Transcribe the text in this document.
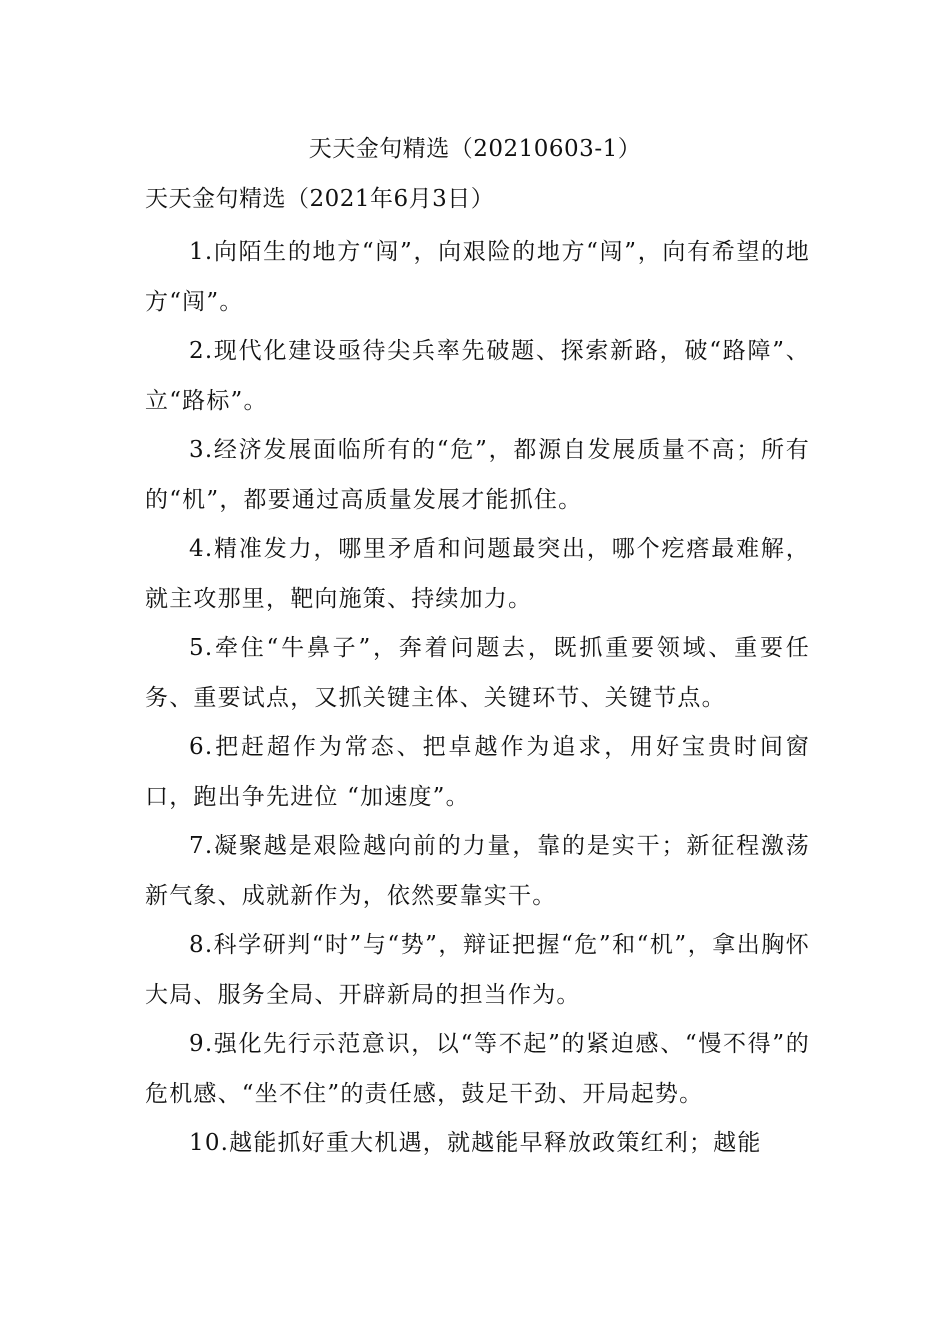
天天金句精选（20210603-1）
天天金句精选（2021年6月3日）

1.向陌生的地方“闯”，向艰险的地方“闯”，向有希望的地方“闯”。

2.现代化建设亟待尖兵率先破题、探索新路，破“路障”、立“路标”。

3.经济发展面临所有的“危”，都源自发展质量不高；所有的“机”，都要通过高质量发展才能抓住。

4.精准发力，哪里矛盾和问题最突出，哪个疙瘩最难解，就主攻那里，靶向施策、持续加力。

5.牵住“牛鼻子”，奔着问题去，既抓重要领域、重要任务、重要试点，又抓关键主体、关键环节、关键节点。

6.把赶超作为常态、把卓越作为追求，用好宝贵时间窗口，跑出争先进位 “加速度”。

7.凝聚越是艰险越向前的力量，靠的是实干；新征程激荡新气象、成就新作为，依然要靠实干。

8.科学研判“时”与“势”，辩证把握“危”和“机”，拿出胸怀大局、服务全局、开辟新局的担当作为。

9.强化先行示范意识，以“等不起”的紧迫感、“慢不得”的危机感、“坐不住”的责任感，鼓足干劲、开局起势。

10.越能抓好重大机遇，就越能早释放政策红利；越能
